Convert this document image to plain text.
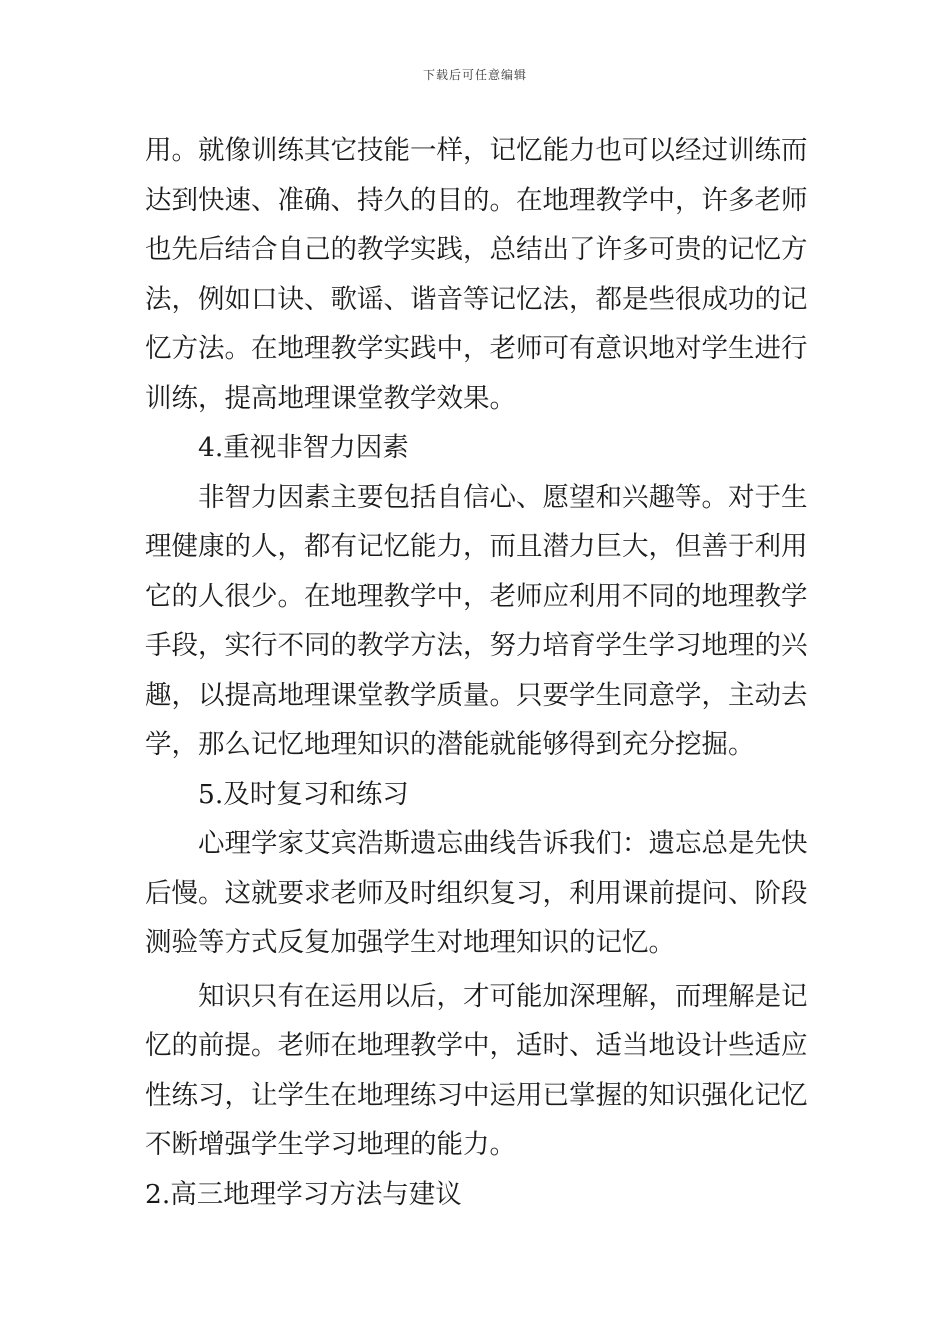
下载后可任意编辑
用。就像训练其它技能一样，记忆能力也可以经过训练而
达到快速、准确、持久的目的。在地理教学中，许多老师
也先后结合自己的教学实践，总结出了许多可贵的记忆方
法，例如口诀、歌谣、谐音等记忆法，都是些很成功的记
忆方法。在地理教学实践中，老师可有意识地对学生进行
训练，提高地理课堂教学效果。
4.重视非智力因素
非智力因素主要包括自信心、愿望和兴趣等。对于生
理健康的人，都有记忆能力，而且潜力巨大，但善于利用
它的人很少。在地理教学中，老师应利用不同的地理教学
手段，实行不同的教学方法，努力培育学生学习地理的兴
趣，以提高地理课堂教学质量。只要学生同意学，主动去
学，那么记忆地理知识的潜能就能够得到充分挖掘。
5.及时复习和练习
心理学家艾宾浩斯遗忘曲线告诉我们：遗忘总是先快
后慢。这就要求老师及时组织复习，利用课前提问、阶段
测验等方式反复加强学生对地理知识的记忆。
知识只有在运用以后，才可能加深理解，而理解是记
忆的前提。老师在地理教学中，适时、适当地设计些适应
性练习，让学生在地理练习中运用已掌握的知识强化记忆
不断增强学生学习地理的能力。
2.高三地理学习方法与建议
